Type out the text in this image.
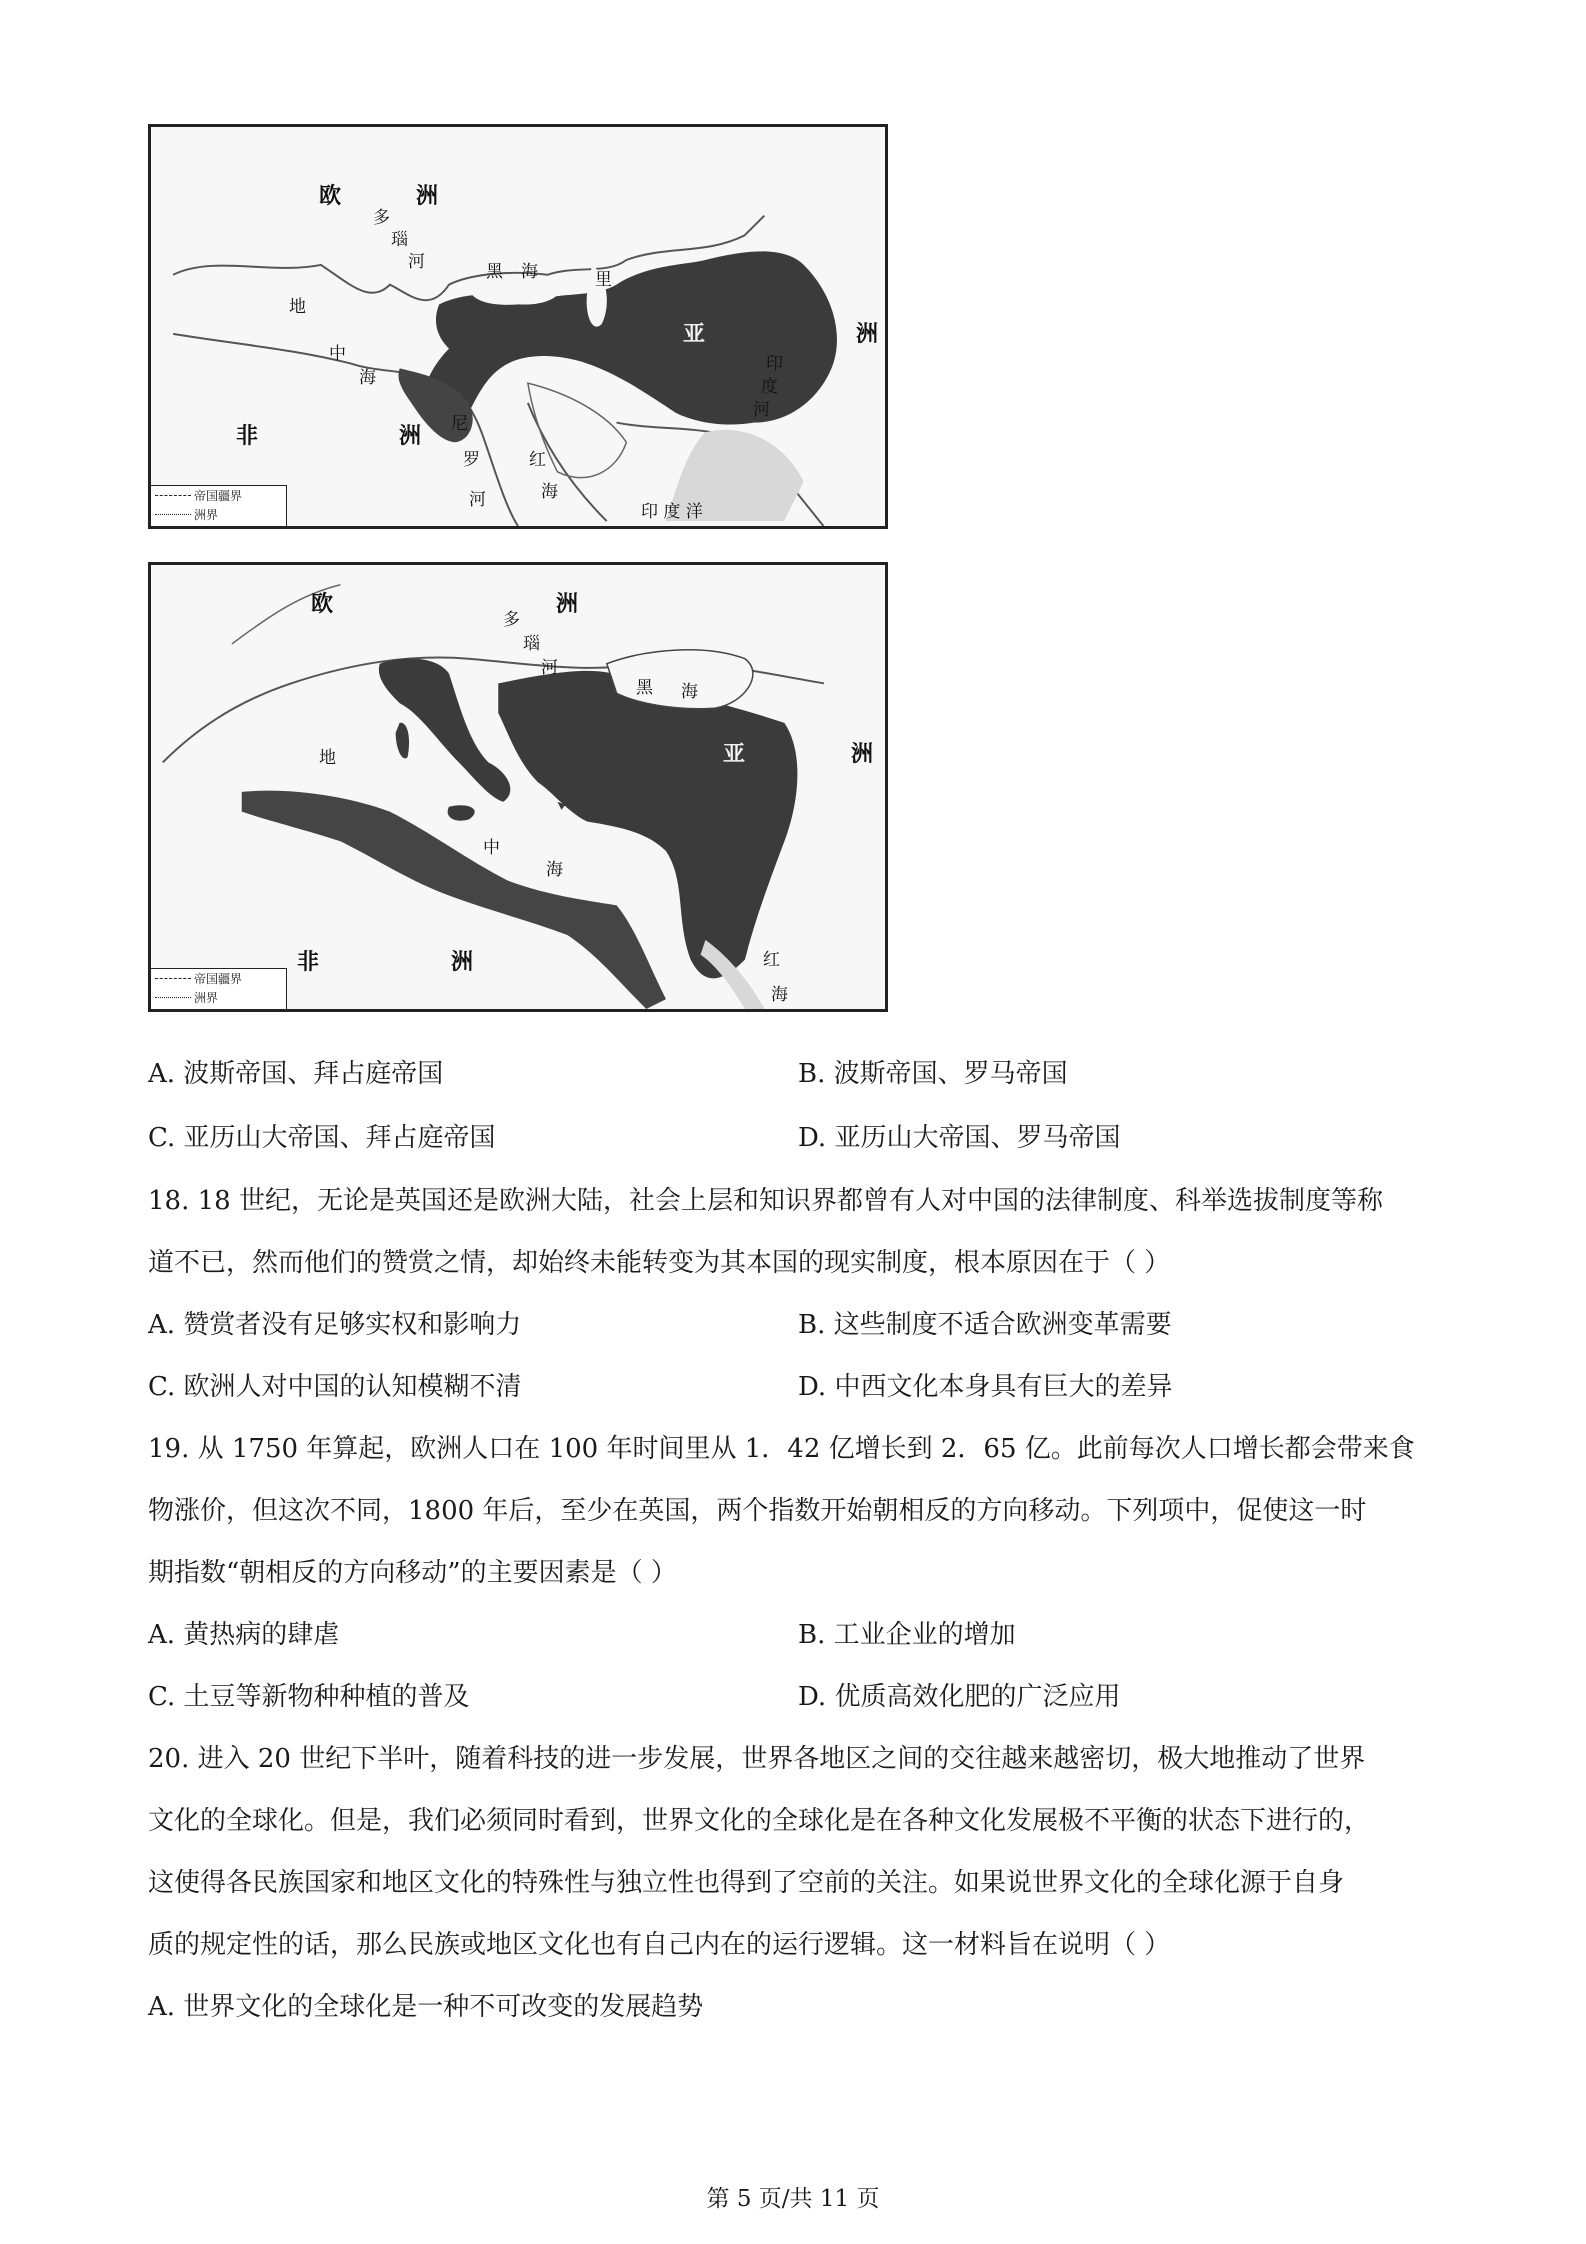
欧	洲
多
瑙
河	黑 海	里
地
中
海
亚	洲
印
度
河
非	洲 尼
罗
河
红
海
印 度 洋
帝国疆界
洲界
欧	洲
多
瑙
河
黑 海
地
中
海
亚	洲
非	洲	红
海
帝国疆界
洲界
A. 波斯帝国、拜占庭帝国	B. 波斯帝国、罗马帝国
C. 亚历山大帝国、拜占庭帝国	D. 亚历山大帝国、罗马帝国
18. 18 世纪，无论是英国还是欧洲大陆，社会上层和知识界都曾有人对中国的法律制度、科举选拔制度等称
道不已，然而他们的赞赏之情，却始终未能转变为其本国的现实制度，根本原因在于（ ）
A. 赞赏者没有足够实权和影响力	B. 这些制度不适合欧洲变革需要
C. 欧洲人对中国的认知模糊不清	D. 中西文化本身具有巨大的差异
19. 从 1750 年算起，欧洲人口在 100 年时间里从 1．42 亿增长到 2．65 亿。此前每次人口增长都会带来食
物涨价，但这次不同，1800 年后，至少在英国，两个指数开始朝相反的方向移动。下列项中，促使这一时
期指数“朝相反的方向移动”的主要因素是（ ）
A. 黄热病的肆虐	B. 工业企业的增加
C. 土豆等新物种种植的普及	D. 优质高效化肥的广泛应用
20. 进入 20 世纪下半叶，随着科技的进一步发展，世界各地区之间的交往越来越密切，极大地推动了世界
文化的全球化。但是，我们必须同时看到，世界文化的全球化是在各种文化发展极不平衡的状态下进行的，
这使得各民族国家和地区文化的特殊性与独立性也得到了空前的关注。如果说世界文化的全球化源于自身
质的规定性的话，那么民族或地区文化也有自己内在的运行逻辑。这一材料旨在说明（ ）
A. 世界文化的全球化是一种不可改变的发展趋势
第 5 页/共 11 页
